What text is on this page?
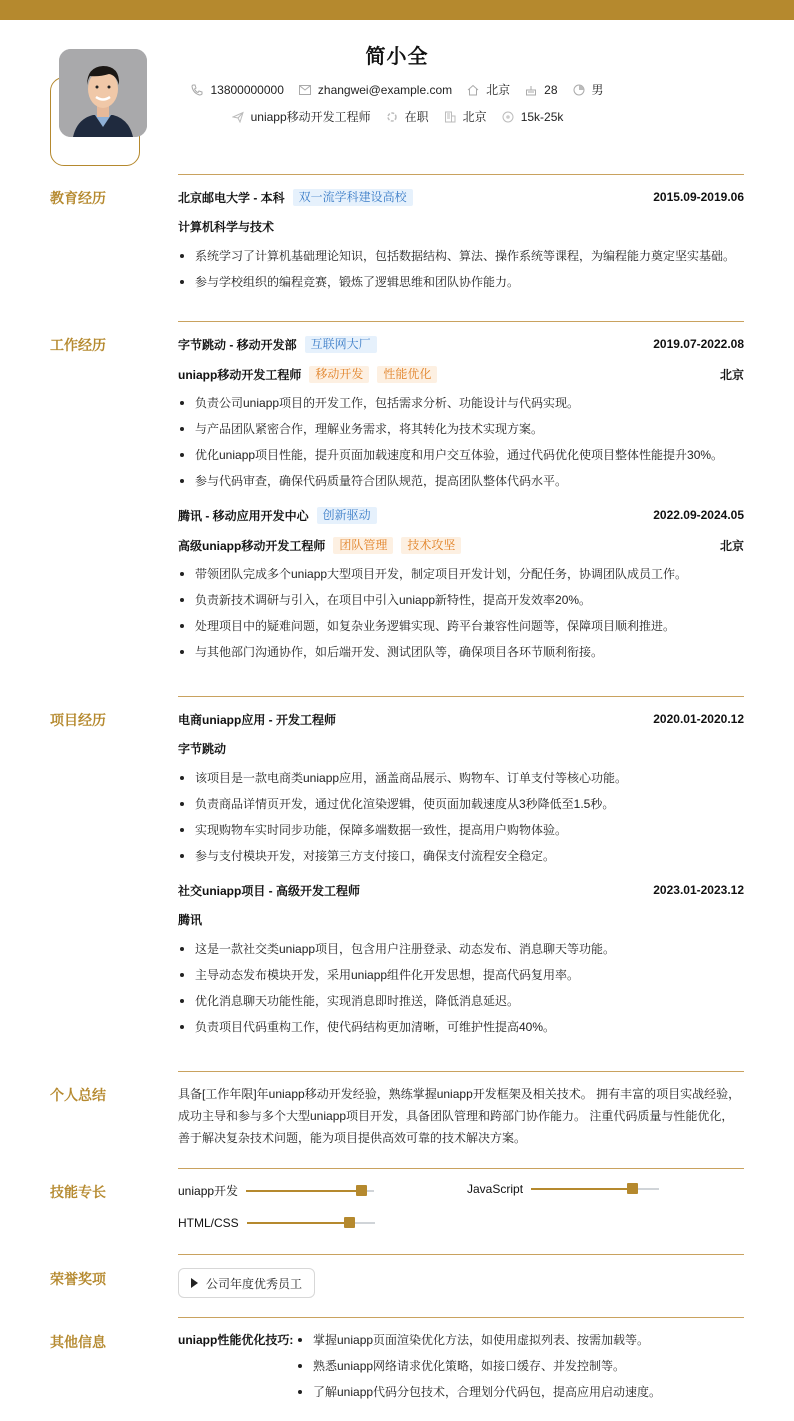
简小全
13800000000	zhangwei@example.com	北京	28	男
uniapp移动开发工程师	在职	北京	15k-25k
教育经历	北京邮电大学 - 本科	双一流学科建设高校	2015.09-2019.06
计算机科学与技术
系统学习了计算机基础理论知识，包括数据结构、算法、操作系统等课程，为编程能力奠定坚实基础。
参与学校组织的编程竞赛，锻炼了逻辑思维和团队协作能力。
工作经历	字节跳动 - 移动开发部	互联网大厂	2019.07-2022.08
uniapp移动开发工程师	移动开发	性能优化	北京
负责公司uniapp项目的开发工作，包括需求分析、功能设计与代码实现。
与产品团队紧密合作，理解业务需求，将其转化为技术实现方案。
优化uniapp项目性能，提升页面加载速度和用户交互体验，通过代码优化使项目整体性能提升30%。
参与代码审查，确保代码质量符合团队规范，提高团队整体代码水平。
腾讯 - 移动应用开发中心	创新驱动	2022.09-2024.05
高级uniapp移动开发工程师	团队管理	技术攻坚	北京
带领团队完成多个uniapp大型项目开发，制定项目开发计划，分配任务，协调团队成员工作。
负责新技术调研与引入，在项目中引入uniapp新特性，提高开发效率20%。
处理项目中的疑难问题，如复杂业务逻辑实现、跨平台兼容性问题等，保障项目顺利推进。
与其他部门沟通协作，如后端开发、测试团队等，确保项目各环节顺利衔接。
项目经历	电商uniapp应用 - 开发工程师	2020.01-2020.12
字节跳动
该项目是一款电商类uniapp应用，涵盖商品展示、购物车、订单支付等核心功能。
负责商品详情页开发，通过优化渲染逻辑，使页面加载速度从3秒降低至1.5秒。
实现购物车实时同步功能，保障多端数据一致性，提高用户购物体验。
参与支付模块开发，对接第三方支付接口，确保支付流程安全稳定。
社交uniapp项目 - 高级开发工程师	2023.01-2023.12
腾讯
这是一款社交类uniapp项目，包含用户注册登录、动态发布、消息聊天等功能。
主导动态发布模块开发，采用uniapp组件化开发思想，提高代码复用率。
优化消息聊天功能性能，实现消息即时推送，降低消息延迟。
负责项目代码重构工作，使代码结构更加清晰，可维护性提高40%。
个人总结	具备[工作年限]年uniapp移动开发经验，熟练掌握uniapp开发框架及相关技术。 拥有丰富的项目实战经验，成功主导和参与多个大型uniapp项目开发，具备团队管理和跨部门协作能力。 注重代码质量与性能优化，善于解决复杂技术问题，能为项目提供高效可靠的技术解决方案。
技能专长	uniapp开发	JavaScript
HTML/CSS
荣誉奖项	公司年度优秀员工
其他信息	uniapp性能优化技巧:	掌握uniapp页面渲染优化方法，如使用虚拟列表、按需加载等。
熟悉uniapp网络请求优化策略，如接口缓存、并发控制等。
了解uniapp代码分包技术，合理划分代码包，提高应用启动速度。
